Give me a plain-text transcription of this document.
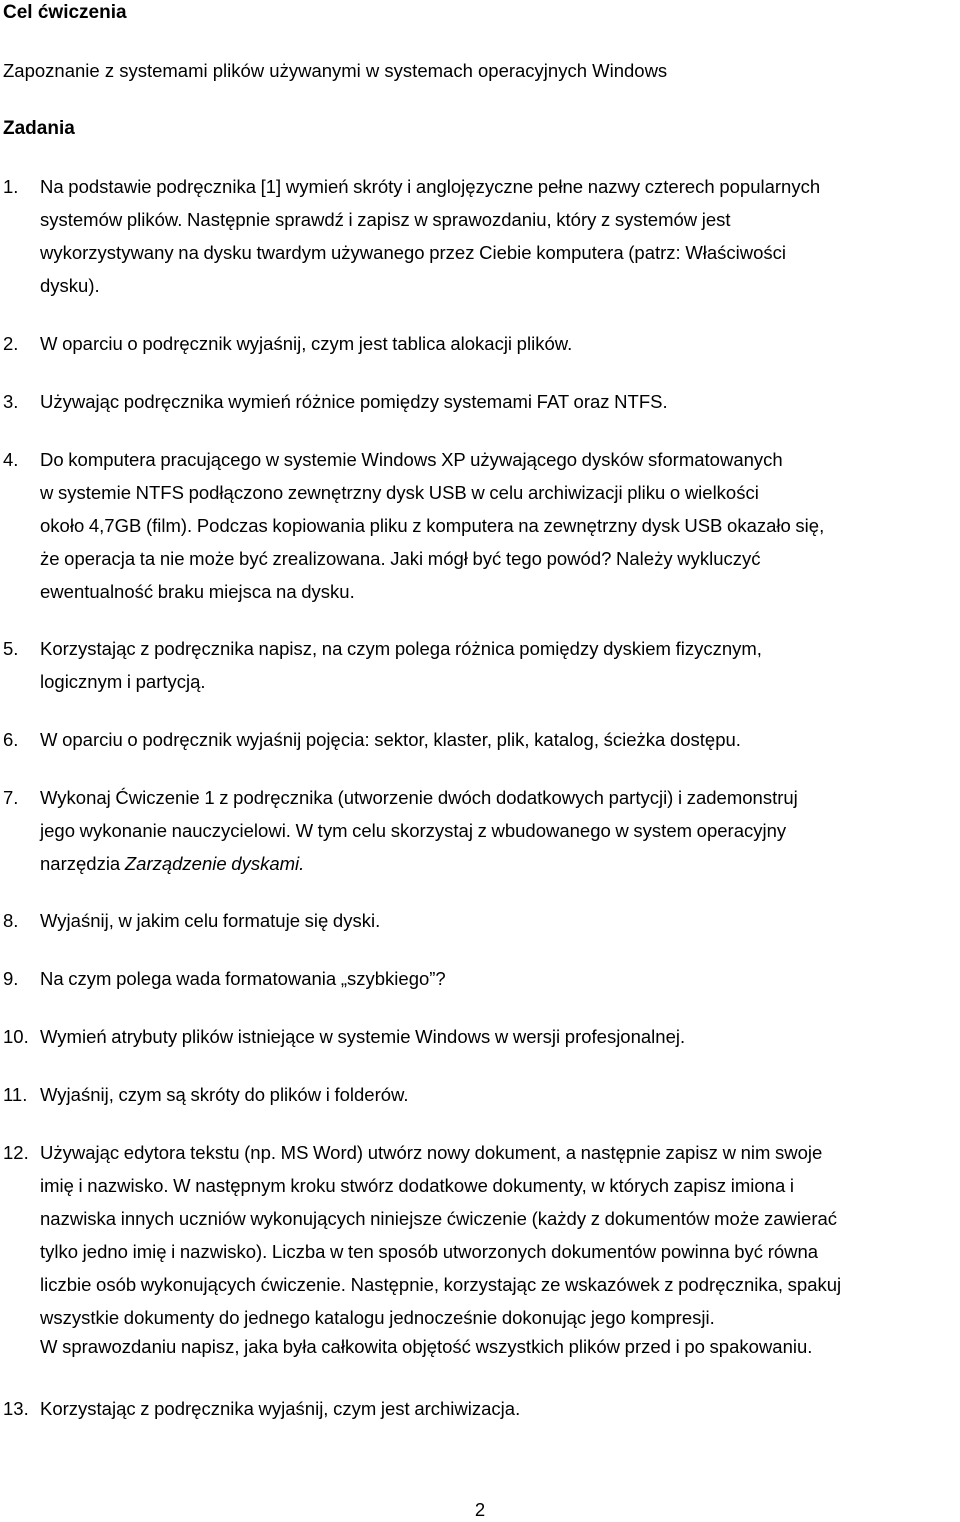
Cel ćwiczenia
Zapoznanie z systemami plików używanymi w systemach operacyjnych Windows
Zadania
1. Na podstawie podręcznika [1] wymień skróty i anglojęzyczne pełne nazwy czterech popularnych
systemów plików. Następnie sprawdź i zapisz w sprawozdaniu, który z systemów jest
wykorzystywany na dysku twardym używanego przez Ciebie komputera (patrz: Właściwości
dysku).
2. W oparciu o podręcznik wyjaśnij, czym jest tablica alokacji plików.
3. Używając podręcznika wymień różnice pomiędzy systemami FAT oraz NTFS.
4. Do komputera pracującego w systemie Windows XP używającego dysków sformatowanych
w systemie NTFS podłączono zewnętrzny dysk USB w celu archiwizacji pliku o wielkości
około 4,7GB (film). Podczas kopiowania pliku z komputera na zewnętrzny dysk USB okazało się,
że operacja ta nie może być zrealizowana. Jaki mógł być tego powód? Należy wykluczyć
ewentualność braku miejsca na dysku.
5. Korzystając z podręcznika napisz, na czym polega różnica pomiędzy dyskiem fizycznym,
logicznym i partycją.
6. W oparciu o podręcznik wyjaśnij pojęcia: sektor, klaster, plik, katalog, ścieżka dostępu.
7. Wykonaj Ćwiczenie 1 z podręcznika (utworzenie dwóch dodatkowych partycji) i zademonstruj
jego wykonanie nauczycielowi. W tym celu skorzystaj z wbudowanego w system operacyjny
narzędzia Zarządzenie dyskami.
8. Wyjaśnij, w jakim celu formatuje się dyski.
9. Na czym polega wada formatowania „szybkiego”?
10. Wymień atrybuty plików istniejące w systemie Windows w wersji profesjonalnej.
11. Wyjaśnij, czym są skróty do plików i folderów.
12. Używając edytora tekstu (np. MS Word) utwórz nowy dokument, a następnie zapisz w nim swoje
imię i nazwisko. W następnym kroku stwórz dodatkowe dokumenty, w których zapisz imiona i
nazwiska innych uczniów wykonujących niniejsze ćwiczenie (każdy z dokumentów może zawierać
tylko jedno imię i nazwisko). Liczba w ten sposób utworzonych dokumentów powinna być równa
liczbie osób wykonujących ćwiczenie. Następnie, korzystając ze wskazówek z podręcznika, spakuj
wszystkie dokumenty do jednego katalogu jednocześnie dokonując jego kompresji.
W sprawozdaniu napisz, jaka była całkowita objętość wszystkich plików przed i po spakowaniu.
13. Korzystając z podręcznika wyjaśnij, czym jest archiwizacja.
2
